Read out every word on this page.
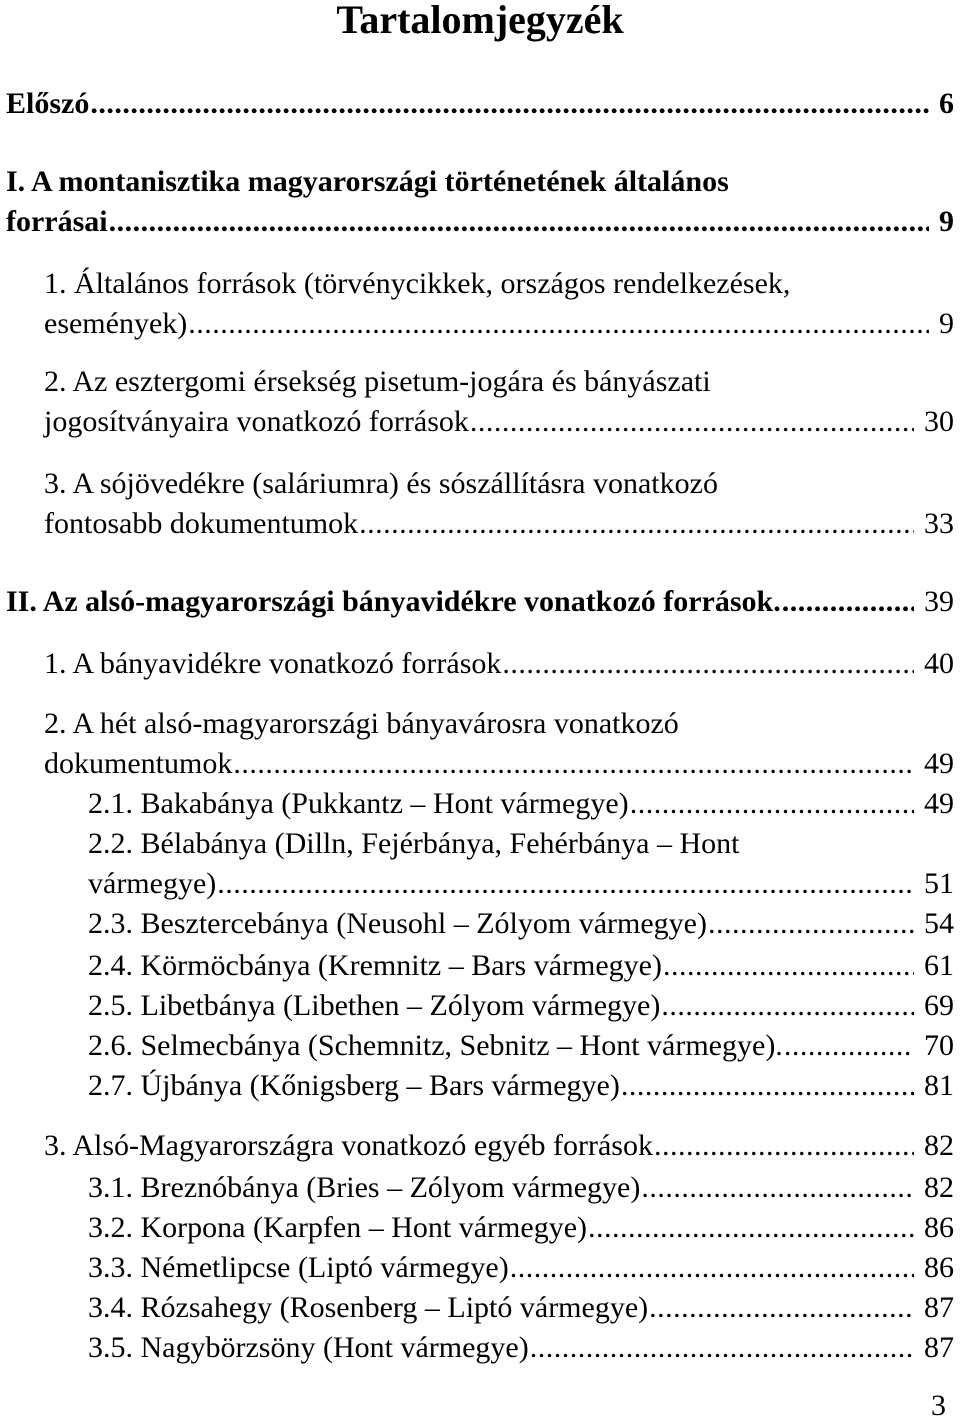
Tartalomjegyzék
Előszó .....	6
I. A montanisztika magyarországi történetének általános
forrásai .....	9
1. Általános források (törvénycikkek, országos rendelkezések,
események) .....	9
2. Az esztergomi érsekség pisetum-jogára és bányászati
jogosítványaira vonatkozó források .....	30
3. A sójövedékre (saláriumra) és sószállításra vonatkozó
fontosabb dokumentumok .....	33
II. Az alsó-magyarországi bányavidékre vonatkozó források. .....	39
1. A bányavidékre vonatkozó források .....	40
2. A hét alsó-magyarországi bányavárosra vonatkozó
dokumentumok .....	49
2.1. Bakabánya (Pukkantz – Hont vármegye) .....	49
2.2. Bélabánya (Dilln, Fejérbánya, Fehérbánya – Hont
vármegye) .....	51
2.3. Besztercebánya (Neusohl – Zólyom vármegye) .....	54
2.4. Körmöcbánya (Kremnitz – Bars vármegye) .....	61
2.5. Libetbánya (Libethen – Zólyom vármegye) .....	69
2.6. Selmecbánya (Schemnitz, Sebnitz – Hont vármegye). .....	70
2.7. Újbánya (Kőnigsberg – Bars vármegye) .....	81
3. Alsó-Magyarországra vonatkozó egyéb források .....	82
3.1. Breznóbánya (Bries – Zólyom vármegye) .....	82
3.2. Korpona (Karpfen – Hont vármegye) .....	86
3.3. Németlipcse (Liptó vármegye) .....	86
3.4. Rózsahegy (Rosenberg – Liptó vármegye) .....	87
3.5. Nagybörzsöny (Hont vármegye) .....	87
3
